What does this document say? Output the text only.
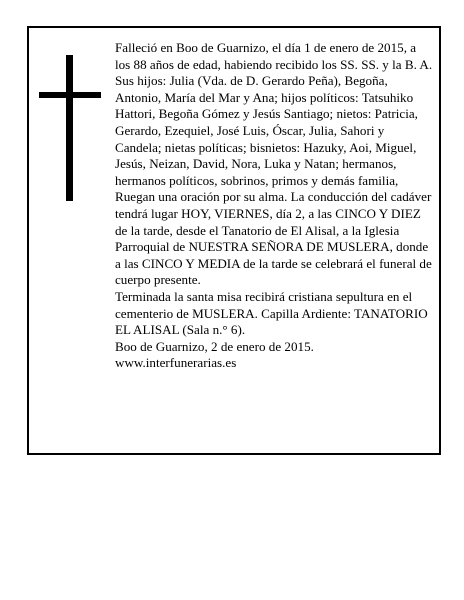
Falleció en Boo de Guarnizo, el día 1 de enero de 2015, a los 88 años de edad, habiendo recibido los SS. SS. y la B. A.

Sus hijos: Julia (Vda. de D. Gerardo Peña), Begoña, Antonio, María del Mar y Ana; hijos políticos: Tatsuhiko Hattori, Begoña Gómez y Jesús Santiago; nietos: Patricia, Gerardo, Ezequiel, José Luis, Óscar, Julia, Sahori y Candela; nietas políticas; bisnietos: Hazuky, Aoi, Miguel, Jesús, Neizan, David, Nora, Luka y Natan; hermanos, hermanos políticos, sobrinos, primos y demás familia,

Ruegan una oración por su alma. La conducción del cadáver tendrá lugar HOY, VIERNES, día 2, a las CINCO Y DIEZ de la tarde, desde el Tanatorio de El Alisal, a la Iglesia Parroquial de NUESTRA SEÑORA DE MUSLERA, donde a las CINCO Y MEDIA de la tarde se celebrará el funeral de cuerpo presente.

Terminada la santa misa recibirá cristiana sepultura en el cementerio de MUSLERA. Capilla Ardiente: TANATORIO EL ALISAL (Sala n.° 6).

Boo de Guarnizo, 2 de enero de 2015.

www.interfunerarias.es
